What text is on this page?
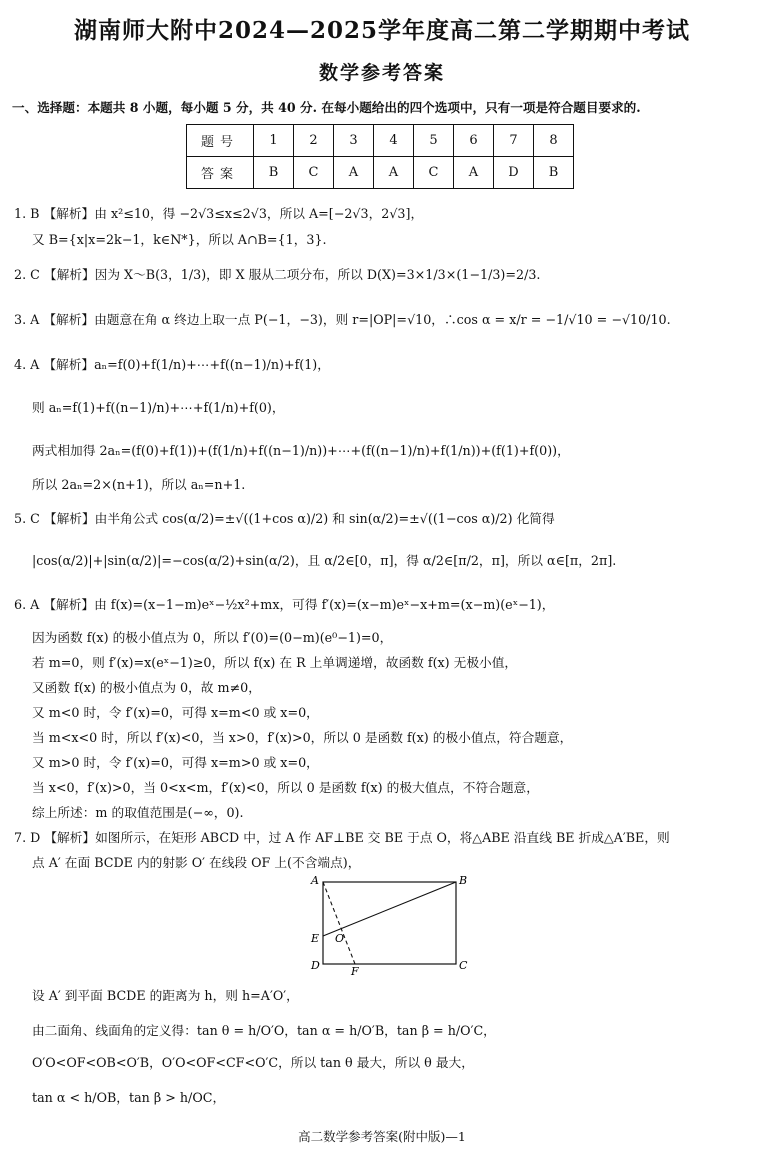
湖南师大附中2024—2025学年度高二第二学期期中考试
数学参考答案
一、选择题：本题共 8 小题，每小题 5 分，共 40 分. 在每小题给出的四个选项中，只有一项是符合题目要求的.
题号	1	2	3	4	5	6	7	8
答案	B	C	A	A	C	A	D	B
1. B 【解析】由 x²≤10，得 −2√3≤x≤2√3，所以 A=[−2√3，2√3]，
又 B={x|x=2k−1，k∈N*}，所以 A∩B={1，3}.
2. C 【解析】因为 X～B(3，1/3)，即 X 服从二项分布，所以 D(X)=3×1/3×(1−1/3)=2/3.
3. A 【解析】由题意在角 α 终边上取一点 P(−1，−3)，则 r=|OP|=√10，∴cos α = x/r = −1/√10 = −√10/10.
4. A 【解析】aₙ=f(0)+f(1/n)+⋯+f((n−1)/n)+f(1)，
则 aₙ=f(1)+f((n−1)/n)+⋯+f(1/n)+f(0)，
两式相加得 2aₙ=(f(0)+f(1))+(f(1/n)+f((n−1)/n))+⋯+(f((n−1)/n)+f(1/n))+(f(1)+f(0))，
所以 2aₙ=2×(n+1)，所以 aₙ=n+1.
5. C 【解析】由半角公式 cos(α/2)=±√((1+cos α)/2) 和 sin(α/2)=±√((1−cos α)/2) 化简得
|cos(α/2)|+|sin(α/2)|=−cos(α/2)+sin(α/2)，且 α/2∈[0，π]，得 α/2∈[π/2，π]，所以 α∈[π，2π].
6. A 【解析】由 f(x)=(x−1−m)eˣ−½x²+mx，可得 f′(x)=(x−m)eˣ−x+m=(x−m)(eˣ−1)，
因为函数 f(x) 的极小值点为 0，所以 f′(0)=(0−m)(e⁰−1)=0，
若 m=0，则 f′(x)=x(eˣ−1)≥0，所以 f(x) 在 R 上单调递增，故函数 f(x) 无极小值，
又函数 f(x) 的极小值点为 0，故 m≠0，
又 m<0 时，令 f′(x)=0，可得 x=m<0 或 x=0，
当 m<x<0 时，所以 f′(x)<0，当 x>0，f′(x)>0，所以 0 是函数 f(x) 的极小值点，符合题意，
又 m>0 时，令 f′(x)=0，可得 x=m>0 或 x=0，
当 x<0，f′(x)>0，当 0<x<m，f′(x)<0，所以 0 是函数 f(x) 的极大值点，不符合题意，
综上所述：m 的取值范围是(−∞，0).
7. D 【解析】如图所示，在矩形 ABCD 中，过 A 作 AF⊥BE 交 BE 于点 O，将△ABE 沿直线 BE 折成△A′BE，则
点 A′ 在面 BCDE 内的射影 O′ 在线段 OF 上(不含端点)，
A	B
C
D
E
F
O
设 A′ 到平面 BCDE 的距离为 h，则 h=A′O′，
由二面角、线面角的定义得：tan θ = h/O′O，tan α = h/O′B，tan β = h/O′C，
O′O<OF<OB<O′B，O′O<OF<CF<O′C，所以 tan θ 最大，所以 θ 最大，
tan α < h/OB，tan β > h/OC，
高二数学参考答案(附中版)—1
